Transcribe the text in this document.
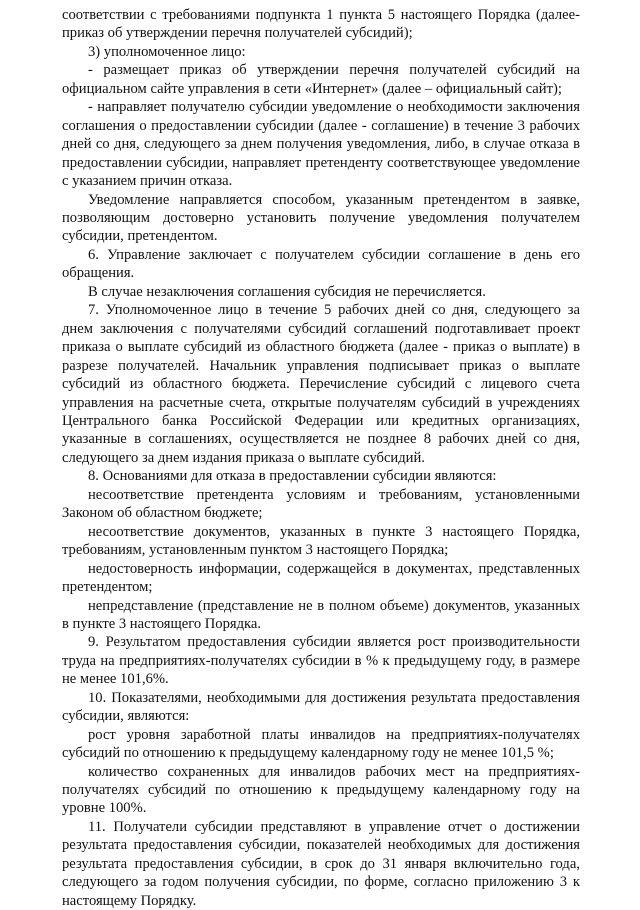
соответствии с требованиями подпункта 1 пункта 5 настоящего Порядка (далее- приказ об утверждении перечня получателей субсидий);

3) уполномоченное лицо:

- размещает приказ об утверждении перечня получателей субсидий на официальном сайте управления в сети «Интернет» (далее – официальный сайт);

- направляет получателю субсидии уведомление о необходимости заключения соглашения о предоставлении субсидии (далее - соглашение) в течение 3 рабочих дней со дня, следующего за днем получения уведомления, либо, в случае отказа в предоставлении субсидии, направляет претенденту соответствующее уведомление с указанием причин отказа.

Уведомление направляется способом, указанным претендентом в заявке, позволяющим достоверно установить получение уведомления получателем субсидии, претендентом.

6. Управление заключает с получателем субсидии соглашение в день его обращения.

В случае незаключения соглашения субсидия не перечисляется.

7. Уполномоченное лицо в течение 5 рабочих дней со дня, следующего за днем заключения с получателями субсидий соглашений подготавливает проект приказа о выплате субсидий из областного бюджета (далее - приказ о выплате) в разрезе получателей. Начальник управления подписывает приказ о выплате субсидий из областного бюджета. Перечисление субсидий с лицевого счета управления на расчетные счета, открытые получателям субсидий в учреждениях Центрального банка Российской Федерации или кредитных организациях, указанные в соглашениях, осуществляется не позднее 8 рабочих дней со дня, следующего за днем издания приказа о выплате субсидий.

8. Основаниями для отказа в предоставлении субсидии являются:

несоответствие претендента условиям и требованиям, установленными Законом об областном бюджете;

несоответствие документов, указанных в пункте 3 настоящего Порядка, требованиям, установленным пунктом 3 настоящего Порядка;

недостоверность информации, содержащейся в документах, представленных претендентом;

непредставление (представление не в полном объеме) документов, указанных в пункте 3 настоящего Порядка.

9. Результатом предоставления субсидии является рост производительности труда на предприятиях-получателях субсидии в % к предыдущему году, в размере не менее 101,6%.

10. Показателями, необходимыми для достижения результата предоставления субсидии, являются:

рост уровня заработной платы инвалидов на предприятиях-получателях субсидий по отношению к предыдущему календарному году не менее 101,5 %;

количество сохраненных для инвалидов рабочих мест на предприятиях-получателях субсидий по отношению к предыдущему календарному году на уровне 100%.

11. Получатели субсидии представляют в управление отчет о достижении результата предоставления субсидии, показателей необходимых для достижения результата предоставления субсидии, в срок до 31 января включительно года, следующего за годом получения субсидии, по форме, согласно приложению 3 к настоящему Порядку.
